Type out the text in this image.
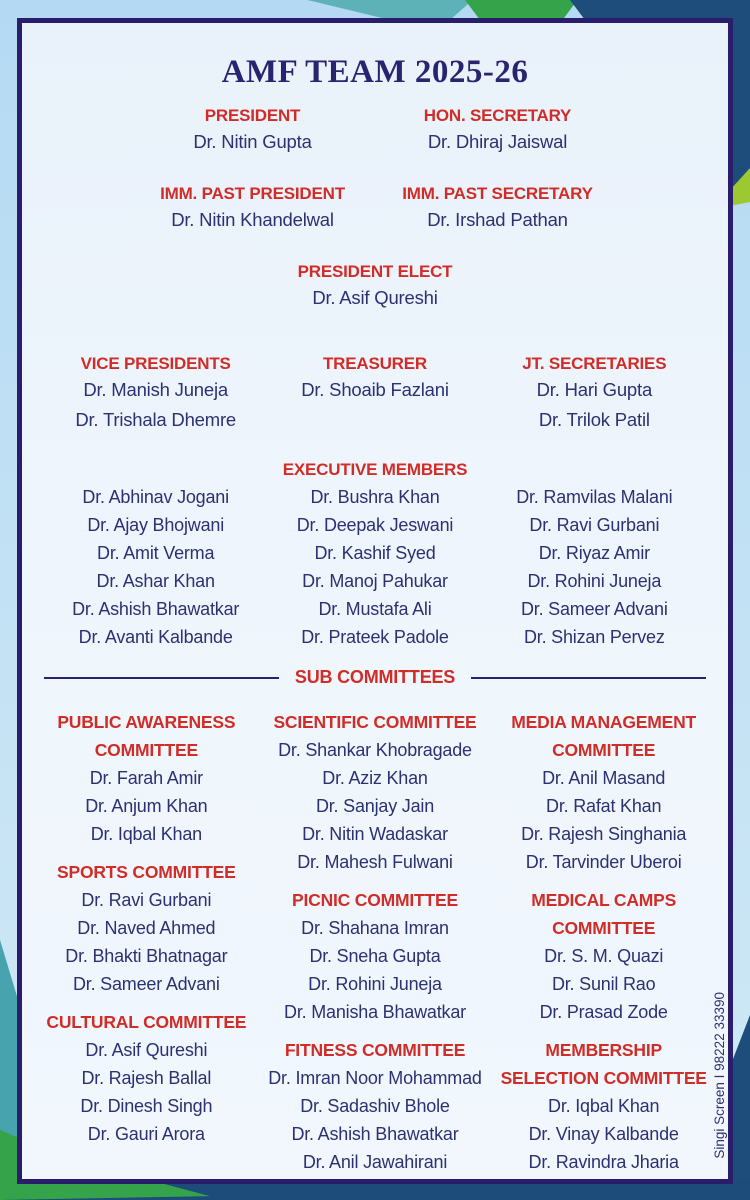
AMF TEAM 2025-26
PRESIDENT
Dr. Nitin Gupta
HON. SECRETARY
Dr. Dhiraj Jaiswal
IMM. PAST PRESIDENT
Dr. Nitin Khandelwal
IMM. PAST SECRETARY
Dr. Irshad Pathan
PRESIDENT ELECT
Dr. Asif Qureshi
VICE PRESIDENTS
Dr. Manish Juneja
Dr. Trishala Dhemre
TREASURER
Dr. Shoaib Fazlani
JT. SECRETARIES
Dr. Hari Gupta
Dr. Trilok Patil
EXECUTIVE MEMBERS
Dr. Abhinav Jogani
Dr. Ajay Bhojwani
Dr. Amit Verma
Dr. Ashar Khan
Dr. Ashish Bhawatkar
Dr. Avanti Kalbande
Dr. Bushra Khan
Dr. Deepak Jeswani
Dr. Kashif Syed
Dr. Manoj Pahukar
Dr. Mustafa Ali
Dr. Prateek Padole
Dr. Ramvilas Malani
Dr. Ravi Gurbani
Dr. Riyaz Amir
Dr. Rohini Juneja
Dr. Sameer Advani
Dr. Shizan Pervez
SUB COMMITTEES
PUBLIC AWARENESS
COMMITTEE
Dr. Farah Amir
Dr. Anjum Khan
Dr. Iqbal Khan
SPORTS COMMITTEE
Dr. Ravi Gurbani
Dr. Naved Ahmed
Dr. Bhakti Bhatnagar
Dr. Sameer Advani
CULTURAL COMMITTEE
Dr. Asif Qureshi
Dr. Rajesh Ballal
Dr. Dinesh Singh
Dr. Gauri Arora
SCIENTIFIC COMMITTEE
Dr. Shankar Khobragade
Dr. Aziz Khan
Dr. Sanjay Jain
Dr. Nitin Wadaskar
Dr. Mahesh Fulwani
PICNIC COMMITTEE
Dr. Shahana Imran
Dr. Sneha Gupta
Dr. Rohini Juneja
Dr. Manisha Bhawatkar
FITNESS COMMITTEE
Dr. Imran Noor Mohammad
Dr. Sadashiv Bhole
Dr. Ashish Bhawatkar
Dr. Anil Jawahirani
MEDIA MANAGEMENT
COMMITTEE
Dr. Anil Masand
Dr. Rafat Khan
Dr. Rajesh Singhania
Dr. Tarvinder Uberoi
MEDICAL CAMPS
COMMITTEE
Dr. S. M. Quazi
Dr. Sunil Rao
Dr. Prasad Zode
MEMBERSHIP
SELECTION COMMITTEE
Dr. Iqbal Khan
Dr. Vinay Kalbande
Dr. Ravindra Jharia
Singi Screen I 98222 33390
